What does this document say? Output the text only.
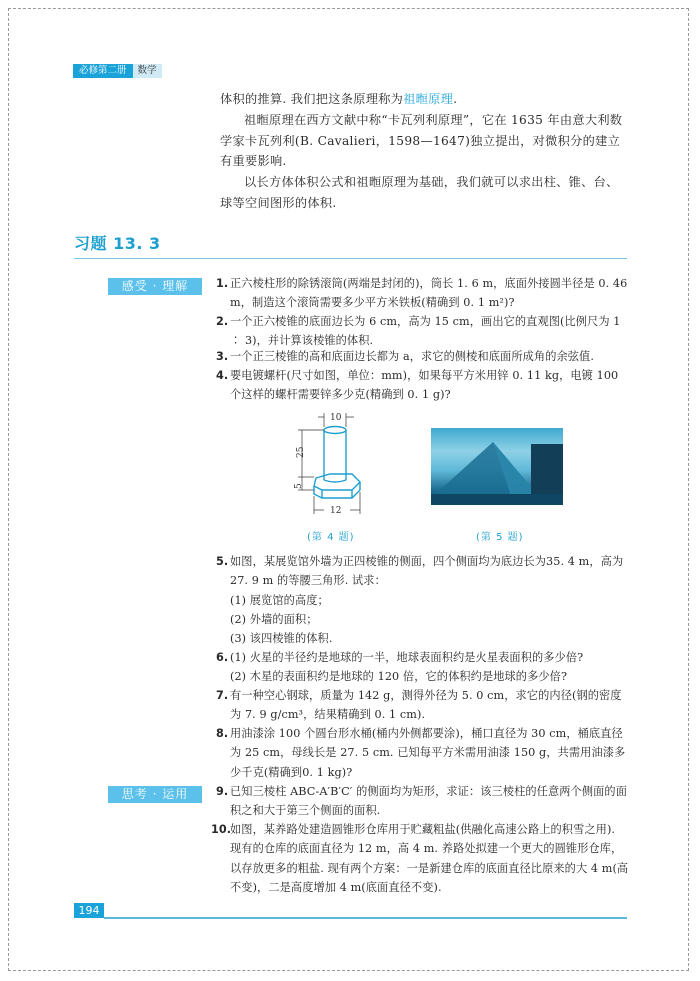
必修第二册	数学
体积的推算. 我们把这条原理称为祖暅原理.
祖暅原理在西方文献中称“卡瓦列利原理”，它在 1635 年由意大利数学家卡瓦列利(B. Cavalieri，1598—1647)独立提出，对微积分的建立有重要影响.
以长方体体积公式和祖暅原理为基础，我们就可以求出柱、锥、台、球等空间图形的体积.
习题 13. 3
感受 · 理解	1. 正六棱柱形的除锈滚筒(两端是封闭的)，筒长 1. 6 m，底面外接圆半径是 0. 46 m，制造这个滚筒需要多少平方米铁板(精确到 0. 1 m²)?
2. 一个正六棱锥的底面边长为 6 cm，高为 15 cm，画出它的直观图(比例尺为 1 ∶ 3)，并计算该棱锥的体积.
3. 一个正三棱锥的高和底面边长都为 a，求它的侧棱和底面所成角的余弦值.
4. 要电镀螺杆(尺寸如图，单位：mm)，如果每平方米用锌 0. 11 kg，电镀 100 个这样的螺杆需要锌多少克(精确到 0. 1 g)?
10
25
5
12
(第 4 题)	(第 5 题)
5. 如图，某展览馆外墙为正四棱锥的侧面，四个侧面均为底边长为35. 4 m，高为 27. 9 m 的等腰三角形. 试求：
(1) 展览馆的高度；
(2) 外墙的面积；
(3) 该四棱锥的体积.
6. (1) 火星的半径约是地球的一半，地球表面积约是火星表面积的多少倍?
(2) 木星的表面积约是地球的 120 倍，它的体积约是地球的多少倍?
7. 有一种空心钢球，质量为 142 g，测得外径为 5. 0 cm，求它的内径(钢的密度为 7. 9 g/cm³，结果精确到 0. 1 cm).
8. 用油漆涂 100 个圆台形水桶(桶内外侧都要涂)，桶口直径为 30 cm，桶底直径为 25 cm，母线长是 27. 5 cm. 已知每平方米需用油漆 150 g，共需用油漆多少千克(精确到0. 1 kg)?
思考 · 运用	9. 已知三棱柱 ABC-A′B′C′ 的侧面均为矩形，求证：该三棱柱的任意两个侧面的面积之和大于第三个侧面的面积.
10.
如图，某养路处建造圆锥形仓库用于贮藏粗盐(供融化高速公路上的积雪之用). 现有的仓库的底面直径为 12 m，高 4 m. 养路处拟建一个更大的圆锥形仓库，以存放更多的粗盐. 现有两个方案：一是新建仓库的底面直径比原来的大 4 m(高不变)，二是高度增加 4 m(底面直径不变).
194
